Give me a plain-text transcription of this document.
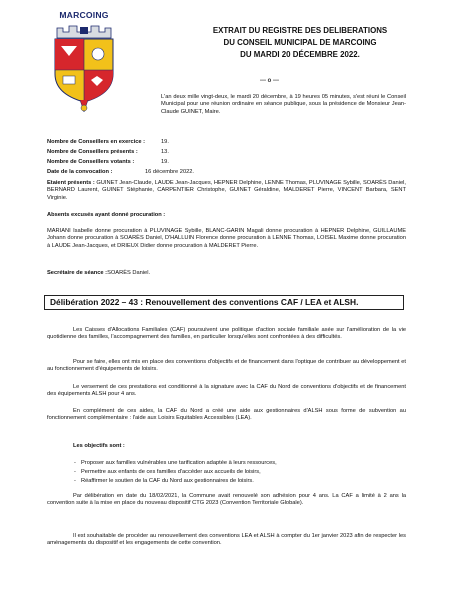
MARCOING
EXTRAIT DU REGISTRE DES DELIBERATIONS
DU CONSEIL MUNICIPAL DE MARCOING
DU MARDI 20 DÉCEMBRE 2022.
--- o ---
L'an deux mille vingt-deux, le mardi 20 décembre, à 19 heures 05 minutes, s'est réuni le Conseil Municipal pour une réunion ordinaire en séance publique, sous la présidence de Monsieur Jean-Claude GUINET, Maire.
Nombre de Conseillers en exercice :	19.
Nombre de Conseillers présents :	13.
Nombre de Conseillers votants :	19.
Date de la convocation :	16 décembre 2022.
Etaient présents : GUINET Jean-Claude, LAUDE Jean-Jacques, HEPNER Delphine, LENNE Thomas, PLUVINAGE Sybille, SOARÈS Daniel, BERNARD Laurent, GUINET Stéphanie, CARPENTIER Christophe, GUINET Géraldine, MALDERET Pierre, VINCENT Barbara, SENT Virginie.
Absents excusés ayant donné procuration :
MARIANI Isabelle donne procuration à PLUVINAGE Sybille, BLANC-GARIN Magali donne procuration à HEPNER Delphine, GUILLAUME Johann donne procuration à SOARÈS Daniel, D'HALLUIN Florence donne procuration à LENNE Thomas, LOISEL Maxime donne procuration à LAUDE Jean-Jacques, et DRIEUX Didier donne procuration à MALDERET Pierre.
Secrétaire de séance :SOARÈS Daniel.
Délibération 2022 – 43 : Renouvellement des conventions CAF / LEA et ALSH.
Les Caisses d'Allocations Familiales (CAF) poursuivent une politique d'action sociale familiale axée sur l'amélioration de la vie quotidienne des familles, l'accompagnement des familles, en particulier lorsqu'elles sont confrontées à des difficultés.
Pour se faire, elles ont mis en place des conventions d'objectifs et de financement dans l'optique de contribuer au développement et au fonctionnement d'équipements de loisirs.
Le versement de ces prestations est conditionné à la signature avec la CAF du Nord de conventions d'objectifs et de financement des équipements ALSH pour 4 ans.
En complément de ces aides, la CAF du Nord a créé une aide aux gestionnaires d'ALSH sous forme de subvention au fonctionnement complémentaire : l'aide aux Loisirs Equitables Accessibles (LEA).
Les objectifs sont :
- Proposer aux familles vulnérables une tarification adaptée à leurs ressources,
- Permettre aux enfants de ces familles d'accéder aux accueils de loisirs,
- Réaffirmer le soutien de la CAF du Nord aux gestionnaires de loisirs.
Par délibération en date du 18/02/2021, la Commune avait renouvelé son adhésion pour 4 ans. La CAF a limité à 2 ans la convention suite à la mise en place du nouveau dispositif CTG 2023 (Convention Territoriale Globale).
Il est souhaitable de procéder au renouvellement des conventions LEA et ALSH à compter du 1er janvier 2023 afin de respecter les aménagements du dispositif et les engagements de cette convention.
